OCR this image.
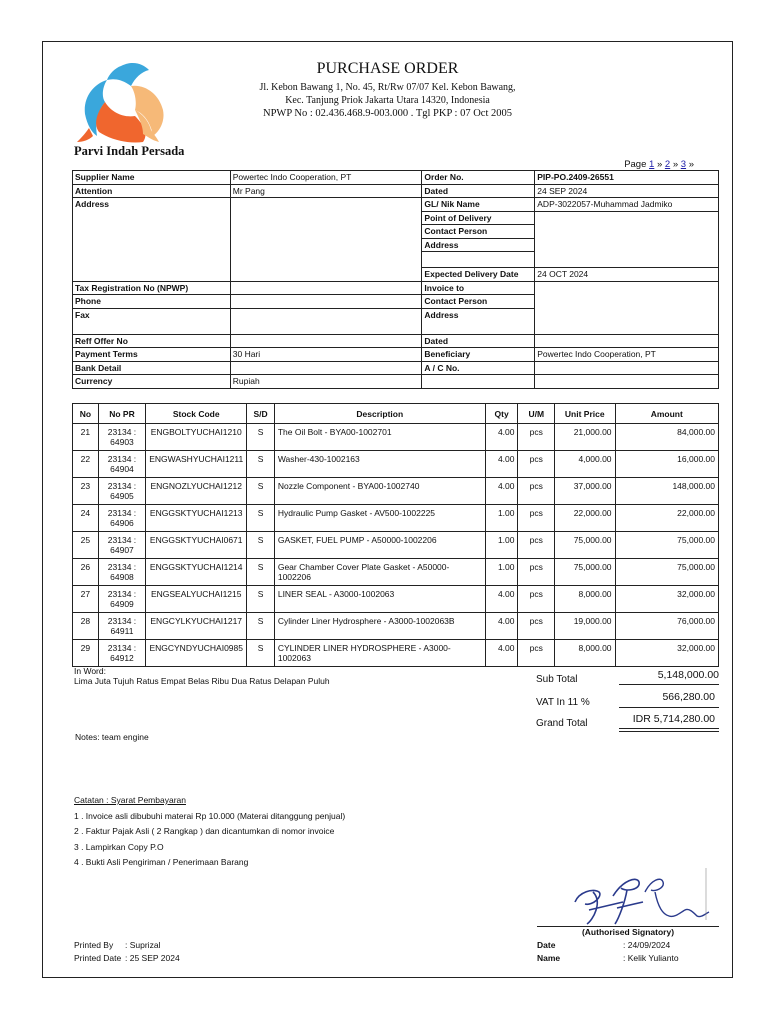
Parvi Indah Persada
PURCHASE ORDER
Jl. Kebon Bawang 1, No. 45, Rt/Rw 07/07 Kel. Kebon Bawang,
Kec. Tanjung Priok Jakarta Utara 14320, Indonesia
NPWP No : 02.436.468.9-003.000 . Tgl PKP : 07 Oct 2005
Page 1 » 2 » 3 »
Supplier Name	Powertec Indo Cooperation, PT	Order No.	PIP-PO.2409-26551
Attention	Mr Pang	Dated	24 SEP 2024
Address		GL/ Nik Name	ADP-3022057-Muhammad Jadmiko
		Point of Delivery	
		Contact Person	
		Address	

		Expected Delivery Date	24 OCT 2024
Tax Registration No (NPWP)		Invoice to	
Phone		Contact Person	
Fax		Address	
Reff Offer No		Dated	
Payment Terms	30 Hari	Beneficiary	Powertec Indo Cooperation, PT
Bank Detail		A / C No.	
Currency	Rupiah		
No	No PR	Stock Code	S/D	Description	Qty	U/M	Unit Price	Amount
21	23134 : 64903	ENGBOLTYUCHAI1210	S	The Oil Bolt - BYA00-1002701	4.00	pcs	21,000.00	84,000.00
22	23134 : 64904	ENGWASHYUCHAI1211	S	Washer-430-1002163	4.00	pcs	4,000.00	16,000.00
23	23134 : 64905	ENGNOZLYUCHAI1212	S	Nozzle Component - BYA00-1002740	4.00	pcs	37,000.00	148,000.00
24	23134 : 64906	ENGGSKTYUCHAI1213	S	Hydraulic Pump Gasket - AV500-1002225	1.00	pcs	22,000.00	22,000.00
25	23134 : 64907	ENGGSKTYUCHAI0671	S	GASKET, FUEL PUMP - A50000-1002206	1.00	pcs	75,000.00	75,000.00
26	23134 : 64908	ENGGSKTYUCHAI1214	S	Gear Chamber Cover Plate Gasket - A50000-1002206	1.00	pcs	75,000.00	75,000.00
27	23134 : 64909	ENGSEALYUCHAI1215	S	LINER SEAL - A3000-1002063	4.00	pcs	8,000.00	32,000.00
28	23134 : 64911	ENGCYLKYUCHAI1217	S	Cylinder Liner Hydrosphere - A3000-1002063B	4.00	pcs	19,000.00	76,000.00
29	23134 : 64912	ENGCYNDYUCHAI0985	S	CYLINDER LINER HYDROSPHERE - A3000-1002063	4.00	pcs	8,000.00	32,000.00
In Word:
Lima Juta Tujuh Ratus Empat Belas Ribu Dua Ratus Delapan Puluh	Sub Total	5,148,000.00
VAT In 11 %	566,280.00
Grand Total	IDR 5,714,280.00
Notes: team engine
Catatan : Syarat Pembayaran
1 . Invoice asli dibubuhi materai Rp 10.000 (Materai ditanggung penjual)
2 . Faktur Pajak Asli ( 2 Rangkap ) dan dicantumkan di nomor invoice
3 . Lampirkan Copy P.O
4 . Bukti Asli Pengiriman / Penerimaan Barang
(Authorised Signatory)
Date	: 24/09/2024
Name	: Kelik Yulianto
Printed By : Suprizal
Printed Date : 25 SEP 2024
